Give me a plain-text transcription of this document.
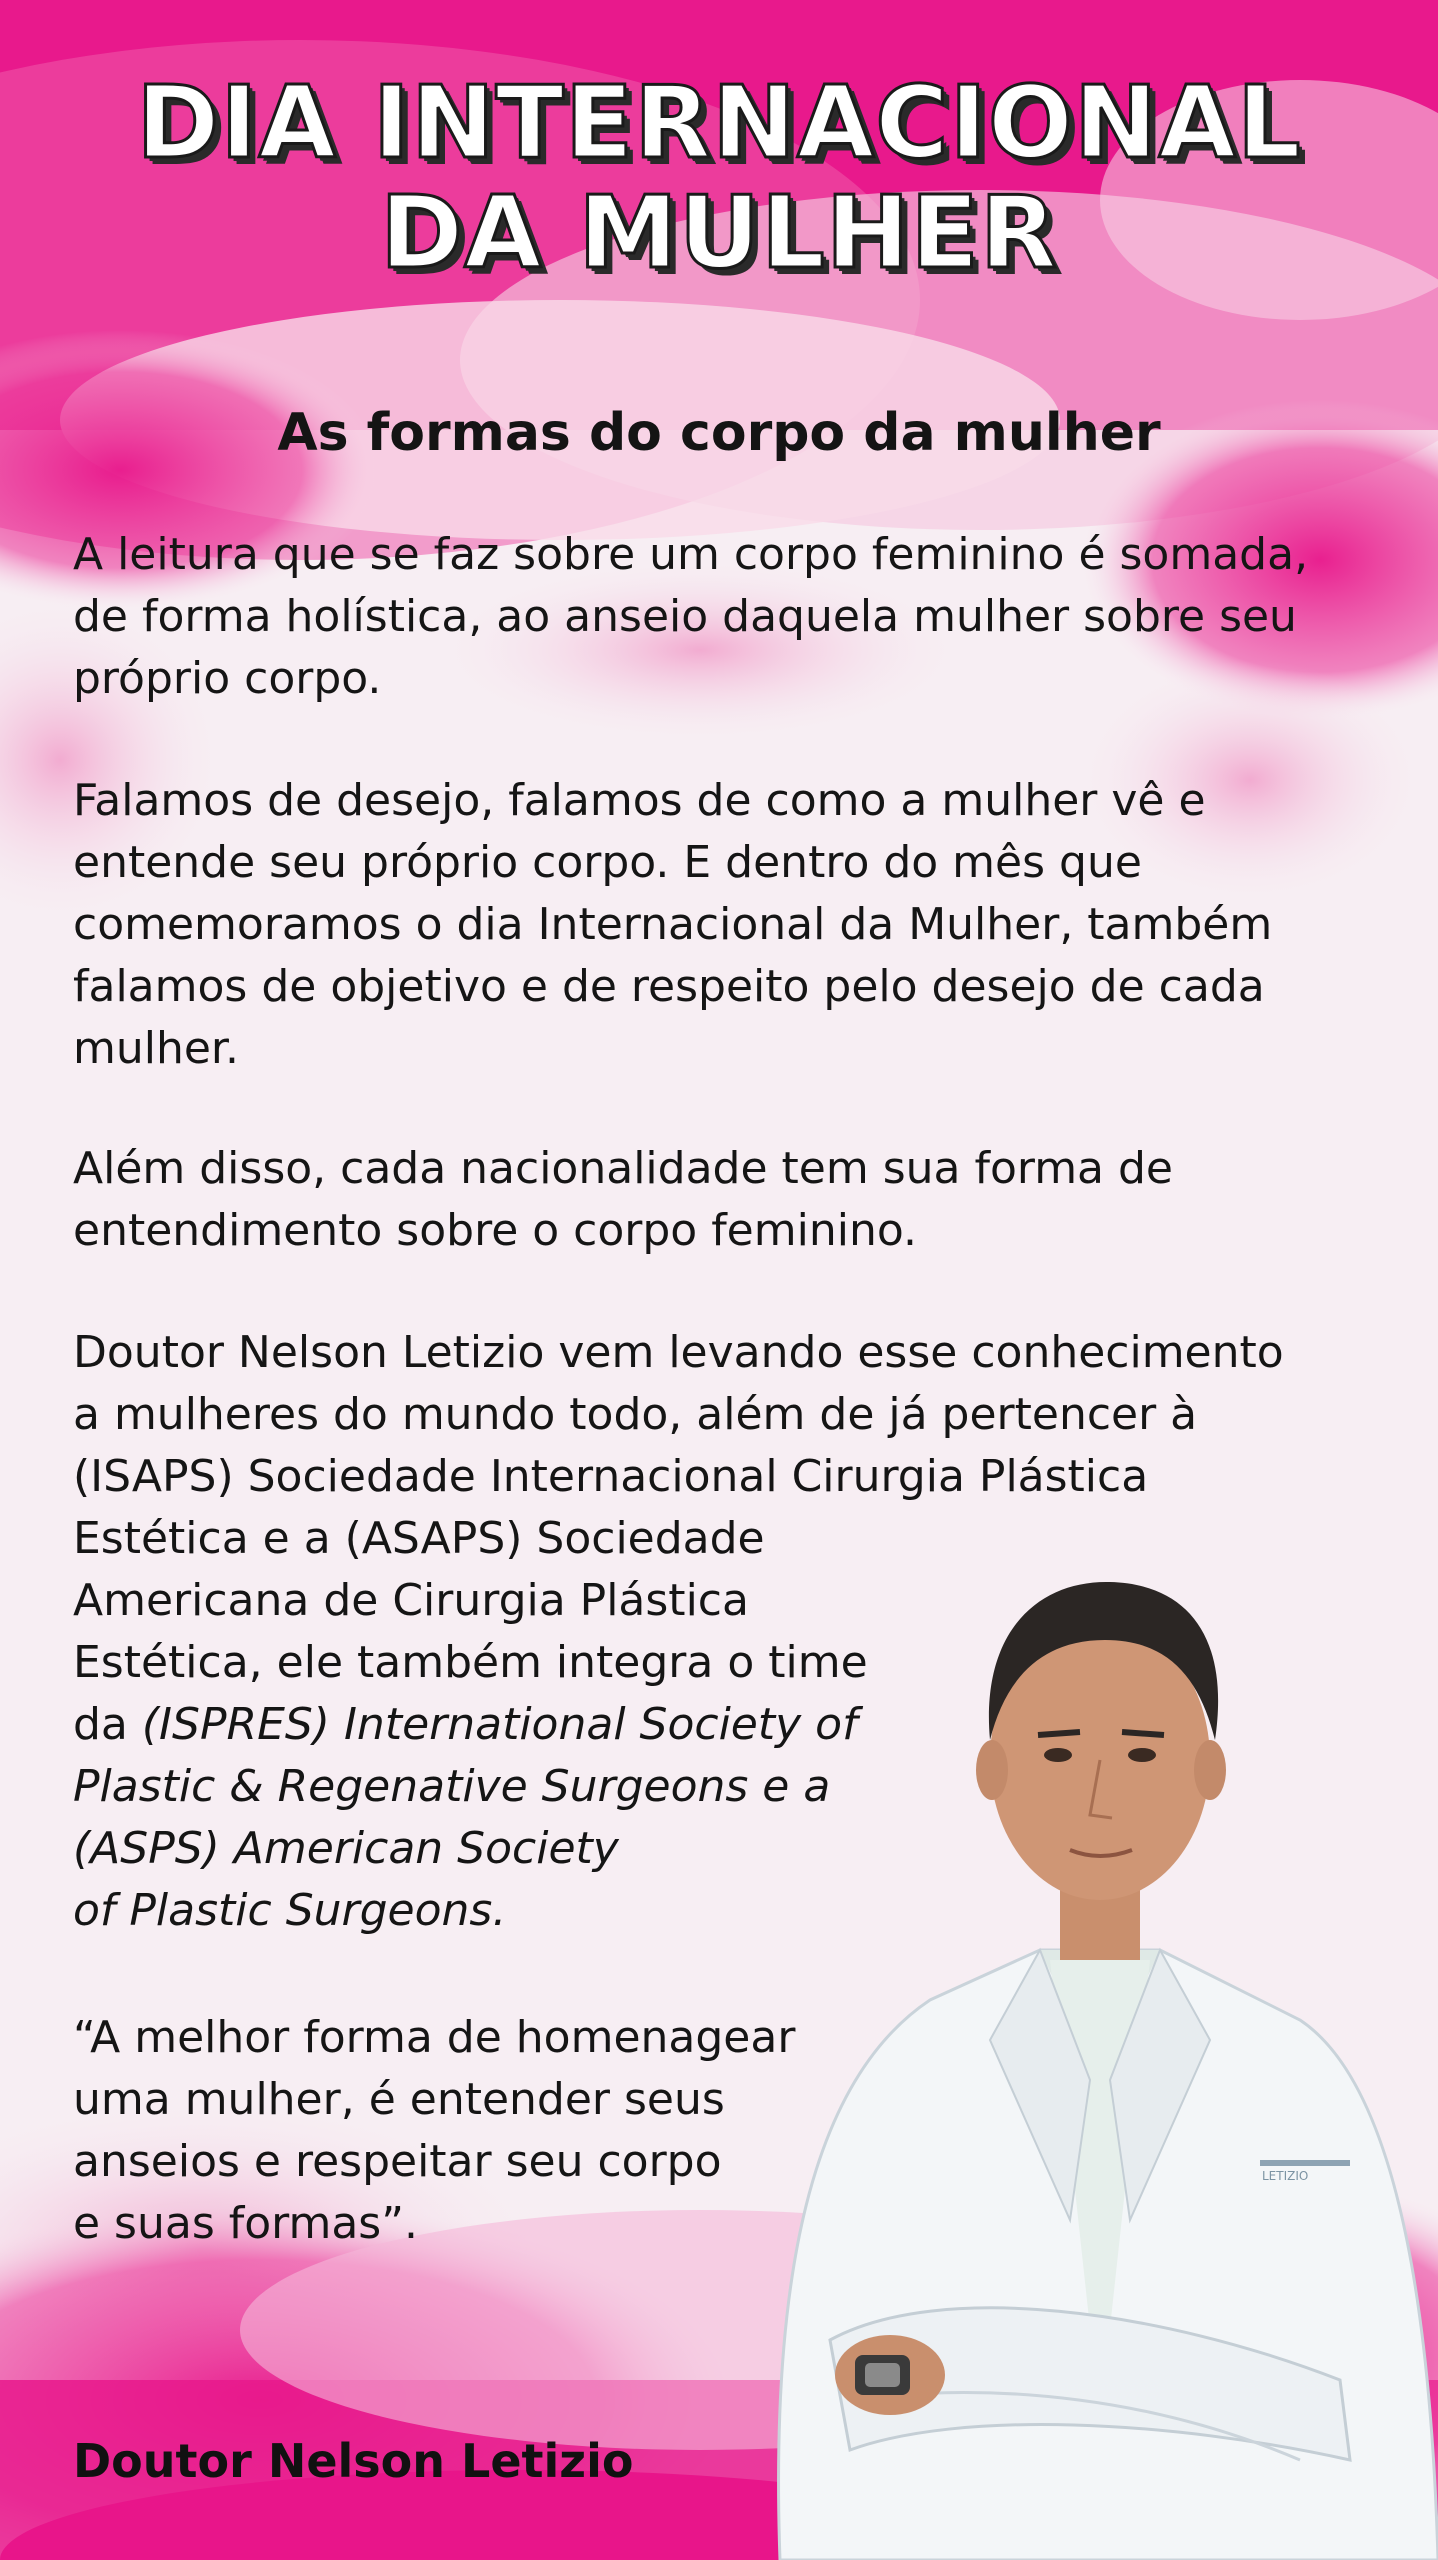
DIA INTERNACIONAL
DA MULHER
As formas do corpo da mulher
A leitura que se faz sobre um corpo feminino é somada,
de forma holística, ao anseio daquela mulher sobre seu
próprio corpo.
Falamos de desejo, falamos de como a mulher vê e
entende seu próprio corpo. E dentro do mês que
comemoramos o dia Internacional da Mulher, também
falamos de objetivo e de respeito pelo desejo de cada
mulher.
Além disso, cada nacionalidade tem sua forma de
entendimento sobre o corpo feminino.
Doutor Nelson Letizio vem levando esse conhecimento
a mulheres do mundo todo, além de já pertencer à
(ISAPS) Sociedade Internacional Cirurgia Plástica
Estética e a (ASAPS) Sociedade
Americana de Cirurgia Plástica
Estética, ele também integra o time
da (ISPRES) International Society of
Plastic & Regenative Surgeons e a
(ASPS) American Society
of Plastic Surgeons.
“A melhor forma de homenagear
uma mulher, é entender seus
anseios e respeitar seu corpo
e suas formas”.
Doutor Nelson Letizio
LETIZIO
